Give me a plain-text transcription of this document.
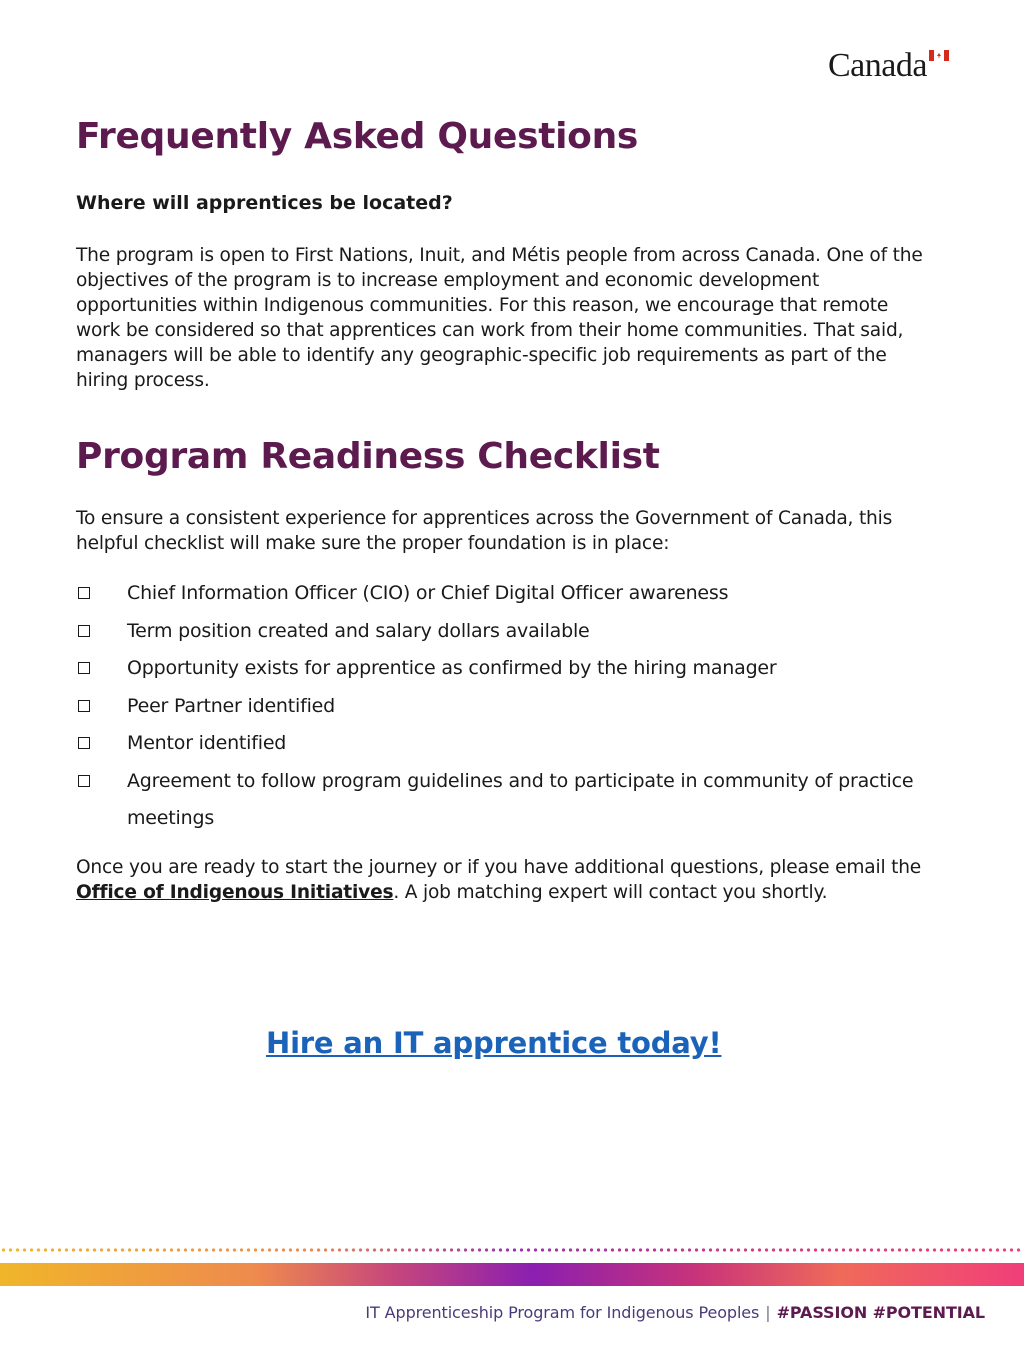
Canada
Frequently Asked Questions

Where will apprentices be located?

The program is open to First Nations, Inuit, and Métis people from across Canada. One of the objectives of the program is to increase employment and economic development opportunities within Indigenous communities. For this reason, we encourage that remote work be considered so that apprentices can work from their home communities. That said, managers will be able to identify any geographic-specific job requirements as part of the hiring process.

Program Readiness Checklist

To ensure a consistent experience for apprentices across the Government of Canada, this helpful checklist will make sure the proper foundation is in place:

Chief Information Officer (CIO) or Chief Digital Officer awareness
Term position created and salary dollars available
Opportunity exists for apprentice as confirmed by the hiring manager
Peer Partner identified
Mentor identified
Agreement to follow program guidelines and to participate in community of practice meetings

Once you are ready to start the journey or if you have additional questions, please email the Office of Indigenous Initiatives. A job matching expert will contact you shortly.

Hire an IT apprentice today!
IT Apprenticeship Program for Indigenous Peoples | #PASSION #POTENTIAL
